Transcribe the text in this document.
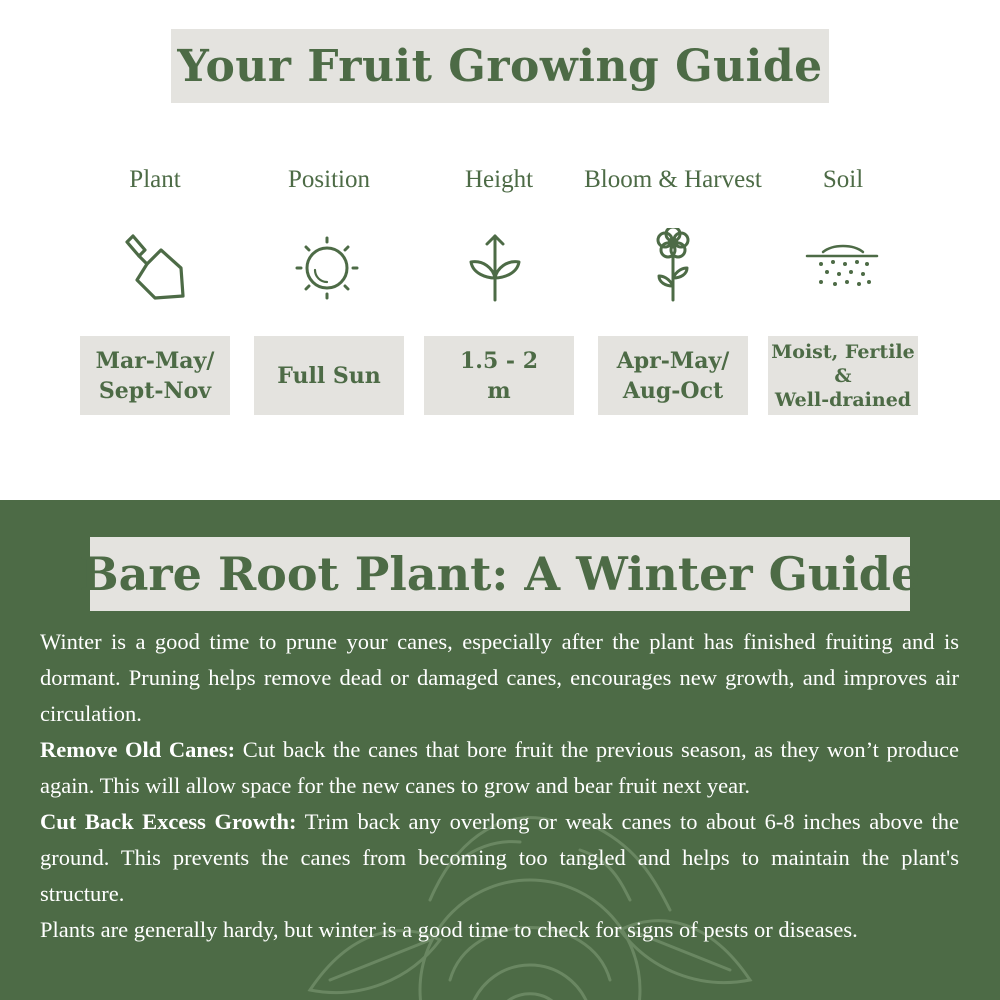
Your Fruit Growing Guide
Plant
Mar-May/
Sept-Nov
Position
Full Sun
Height
1.5 - 2
m
Bloom & Harvest
Apr-May/
Aug-Oct
Soil
Moist, Fertile
&
Well-drained
Bare Root Plant: A Winter Guide

Winter is a good time to prune your canes, especially after the plant has finished fruiting and is dormant. Pruning helps remove dead or damaged canes, encourages new growth, and improves air circulation.

Remove Old Canes: Cut back the canes that bore fruit the previous season, as they won’t produce again. This will allow space for the new canes to grow and bear fruit next year.

Cut Back Excess Growth: Trim back any overlong or weak canes to about 6-8 inches above the ground. This prevents the canes from becoming too tangled and helps to maintain the plant's structure.

Plants are generally hardy, but winter is a good time to check for signs of pests or diseases.
